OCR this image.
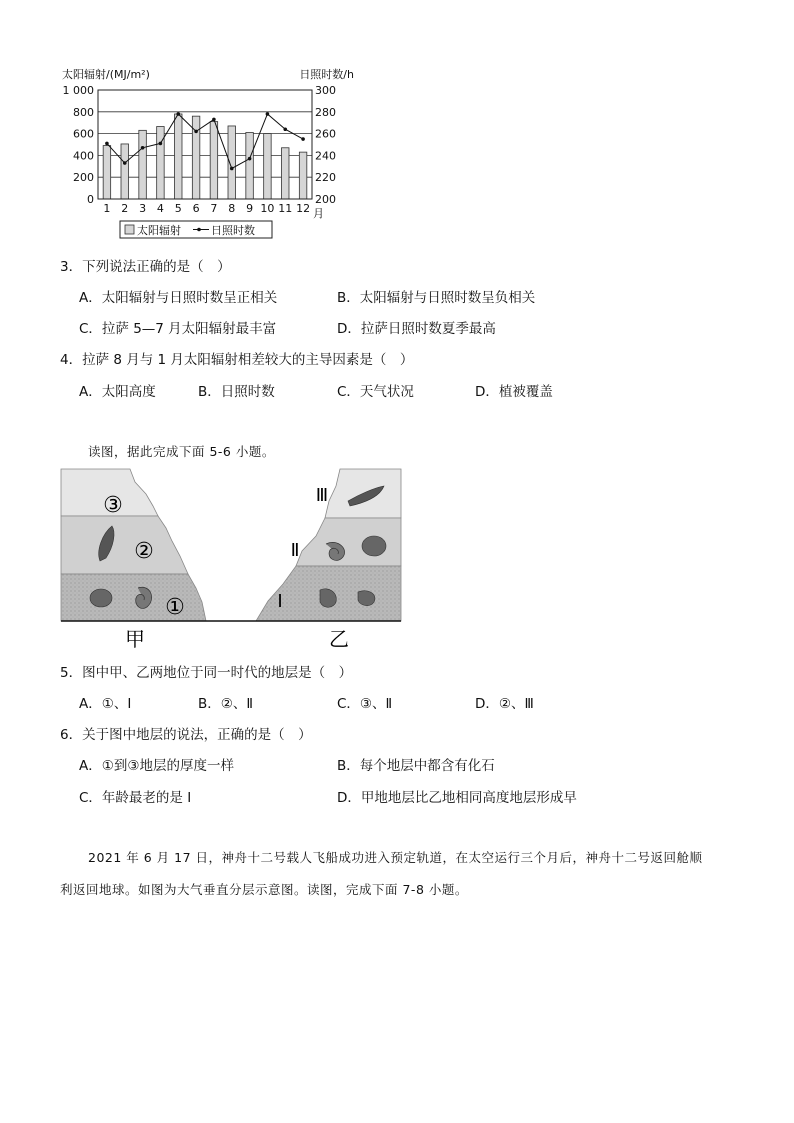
太阳辐射/(MJ/m²)	日照时数/h
0
200
400
600
800
1 000
200
220
240
260
280
300
1 2 3 4 5 6 7 8 9 10 11 12 月
太阳辐射	日照时数
3．下列说法正确的是（　）
A．太阳辐射与日照时数呈正相关	B．太阳辐射与日照时数呈负相关
C．拉萨 5—7 月太阳辐射最丰富	D．拉萨日照时数夏季最高
4．拉萨 8 月与 1 月太阳辐射相差较大的主导因素是（　）
A．太阳高度	B．日照时数	C．天气状况	D．植被覆盖
读图，据此完成下面 5-6 小题。
③
②
①
Ⅲ
Ⅱ
Ⅰ
甲	乙
5．图中甲、乙两地位于同一时代的地层是（　）
A．①、Ⅰ	B．②、Ⅱ	C．③、Ⅱ	D．②、Ⅲ
6．关于图中地层的说法，正确的是（　）
A．①到③地层的厚度一样	B．每个地层中都含有化石
C．年龄最老的是 I	D．甲地地层比乙地相同高度地层形成早
2021 年 6 月 17 日，神舟十二号载人飞船成功进入预定轨道，在太空运行三个月后，神舟十二号返回舱顺
利返回地球。如图为大气垂直分层示意图。读图，完成下面 7-8 小题。
